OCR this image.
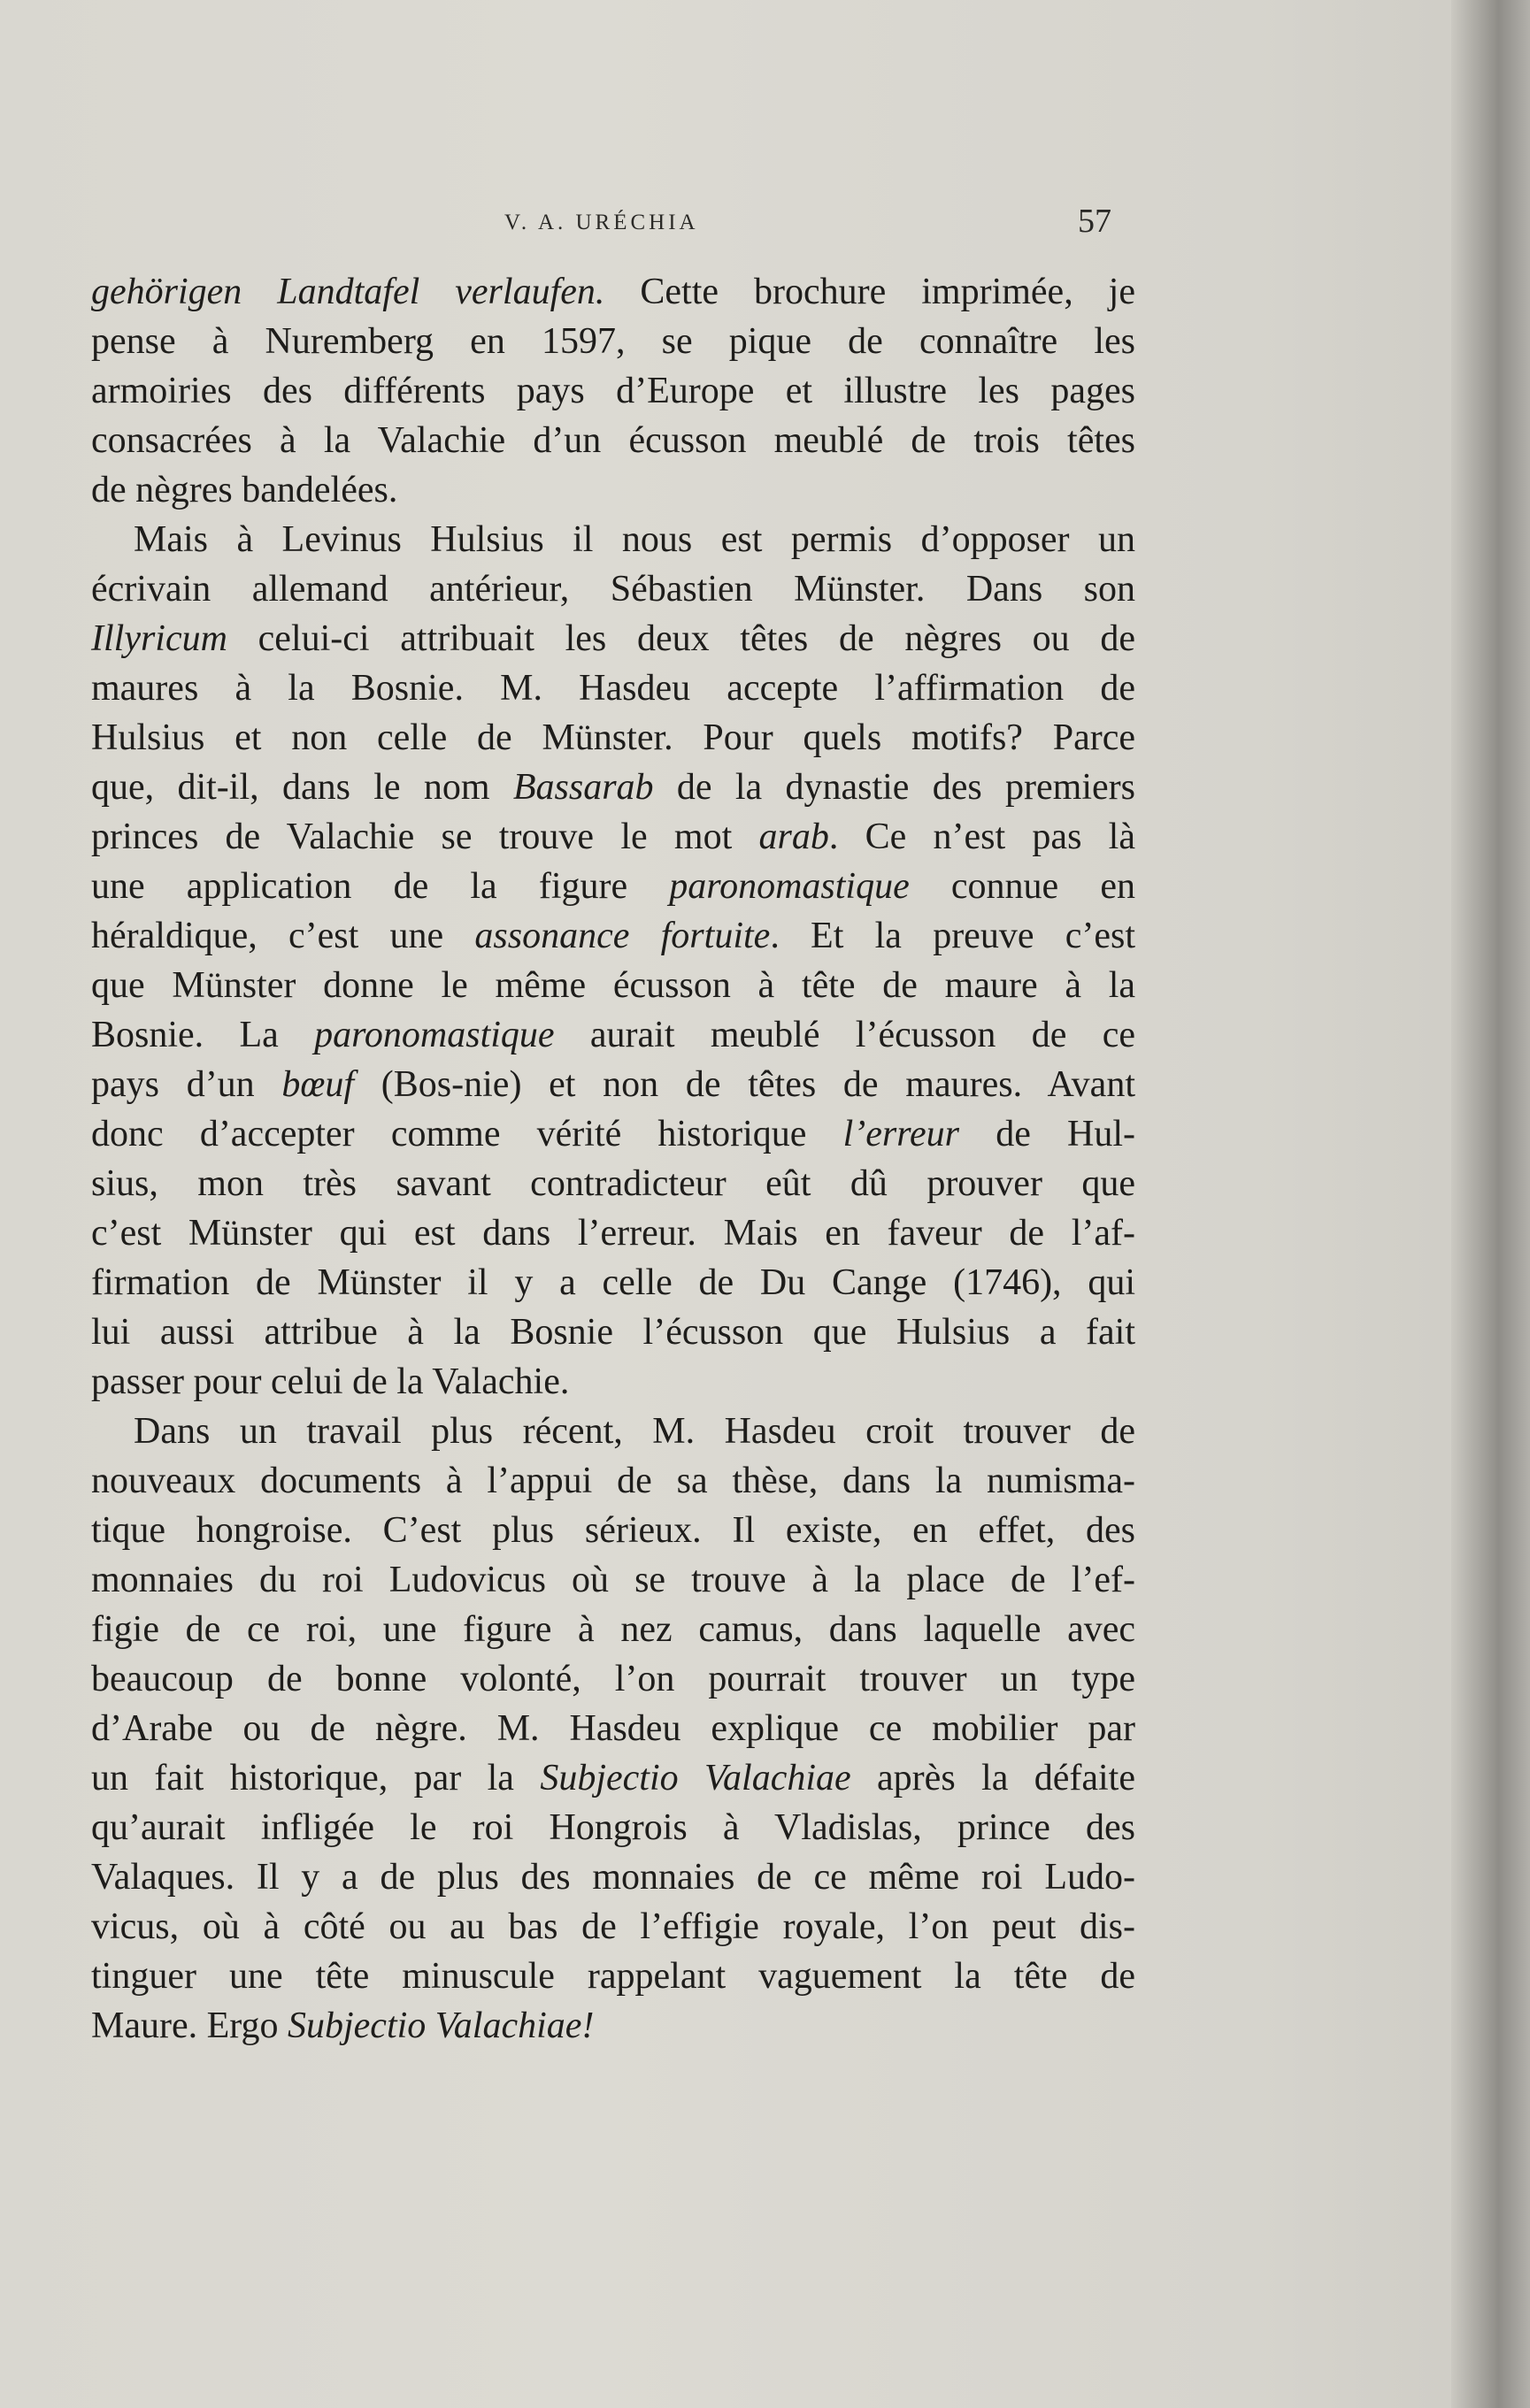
V. A. URÉCHIA	57
gehörigen Landtafel verlaufen. Cette brochure imprimée, je
pense à Nuremberg en 1597, se pique de connaître les
armoiries des différents pays d’Europe et illustre les pages
consacrées à la Valachie d’un écusson meublé de trois têtes
de nègres bandelées.
Mais à Levinus Hulsius il nous est permis d’opposer un
écrivain allemand antérieur, Sébastien Münster. Dans son
Illyricum celui-ci attribuait les deux têtes de nègres ou de
maures à la Bosnie. M. Hasdeu accepte l’affirmation de
Hulsius et non celle de Münster. Pour quels motifs? Parce
que, dit-il, dans le nom Bassarab de la dynastie des premiers
princes de Valachie se trouve le mot arab. Ce n’est pas là
une application de la figure paronomastique connue en
héraldique, c’est une assonance fortuite. Et la preuve c’est
que Münster donne le même écusson à tête de maure à la
Bosnie. La paronomastique aurait meublé l’écusson de ce
pays d’un bœuf (Bos-nie) et non de têtes de maures. Avant
donc d’accepter comme vérité historique l’erreur de Hul-
sius, mon très savant contradicteur eût dû prouver que
c’est Münster qui est dans l’erreur. Mais en faveur de l’af-
firmation de Münster il y a celle de Du Cange (1746), qui
lui aussi attribue à la Bosnie l’écusson que Hulsius a fait
passer pour celui de la Valachie.
Dans un travail plus récent, M. Hasdeu croit trouver de
nouveaux documents à l’appui de sa thèse, dans la numisma-
tique hongroise. C’est plus sérieux. Il existe, en effet, des
monnaies du roi Ludovicus où se trouve à la place de l’ef-
figie de ce roi, une figure à nez camus, dans laquelle avec
beaucoup de bonne volonté, l’on pourrait trouver un type
d’Arabe ou de nègre. M. Hasdeu explique ce mobilier par
un fait historique, par la Subjectio Valachiae après la défaite
qu’aurait infligée le roi Hongrois à Vladislas, prince des
Valaques. Il y a de plus des monnaies de ce même roi Ludo-
vicus, où à côté ou au bas de l’effigie royale, l’on peut dis-
tinguer une tête minuscule rappelant vaguement la tête de
Maure. Ergo Subjectio Valachiae!
